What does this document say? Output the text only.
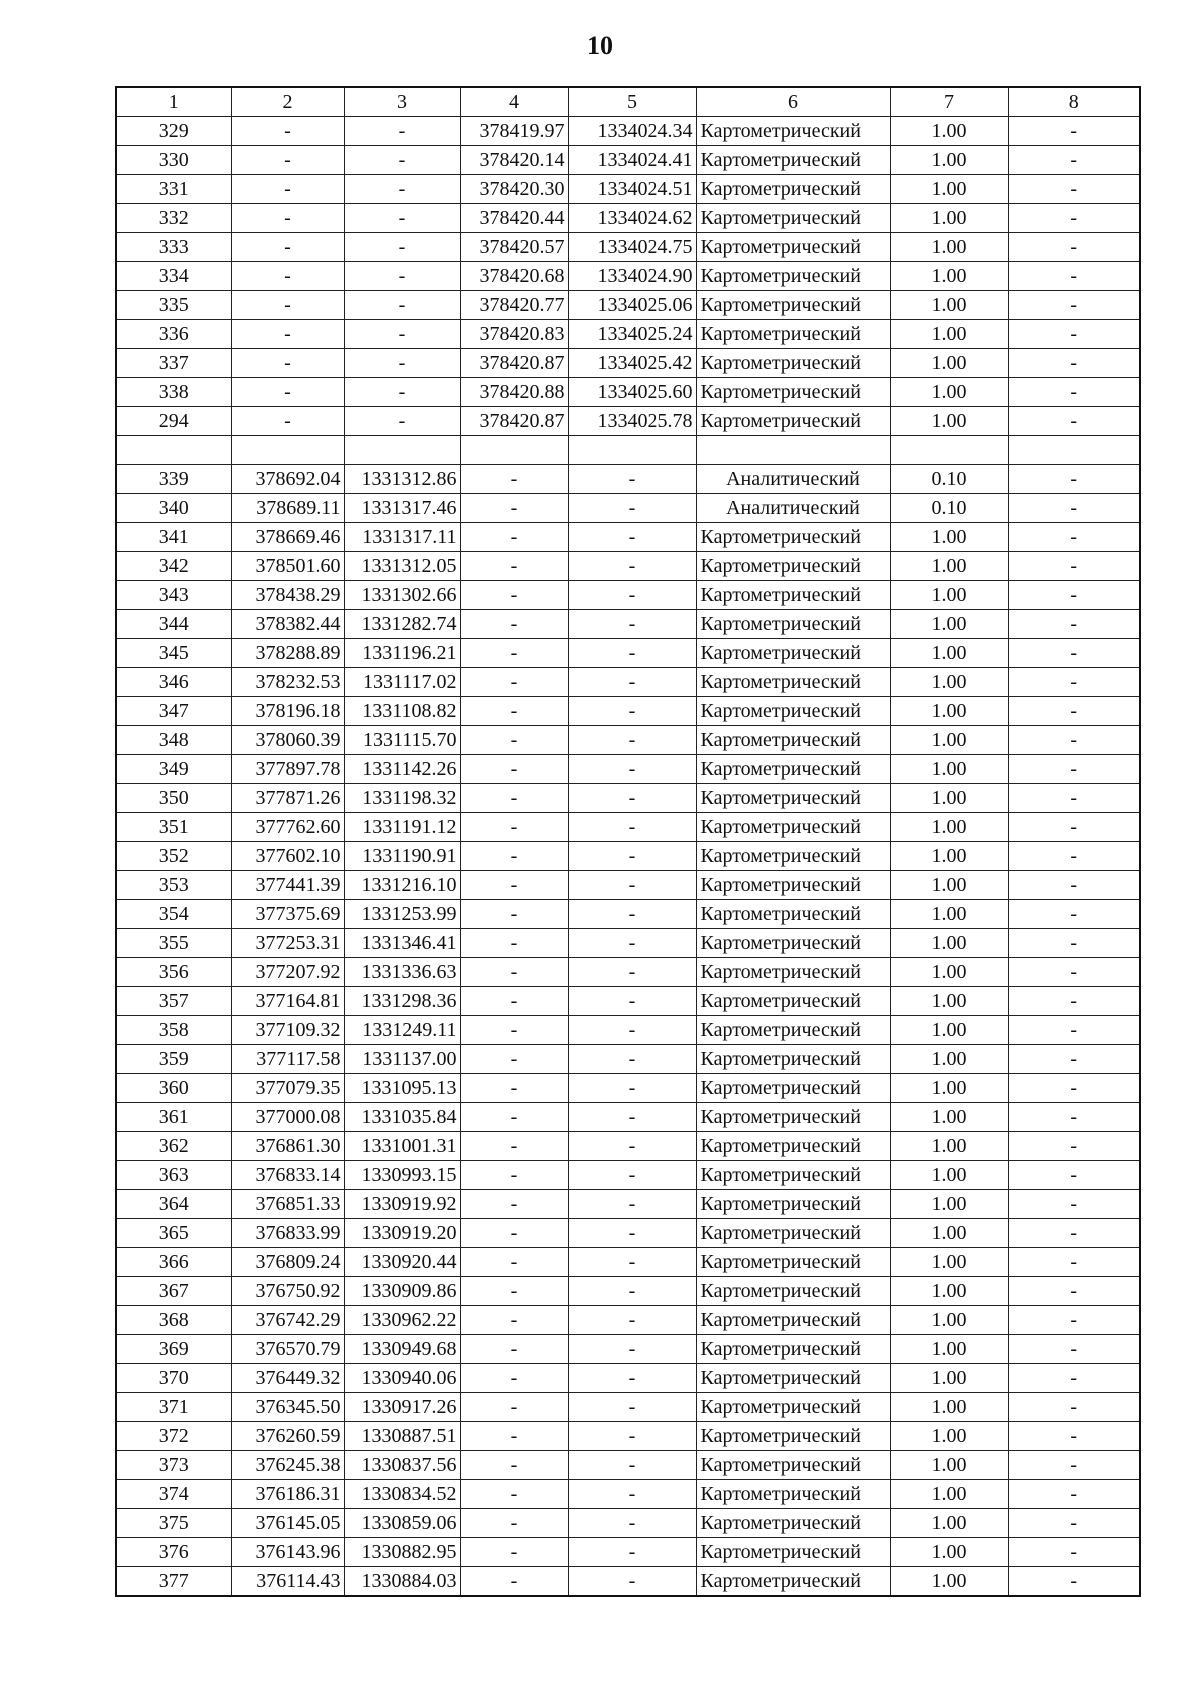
10
1	2	3	4	5	6	7	8
329	-	-	378419.97	1334024.34	Картометрический	1.00	-
330	-	-	378420.14	1334024.41	Картометрический	1.00	-
331	-	-	378420.30	1334024.51	Картометрический	1.00	-
332	-	-	378420.44	1334024.62	Картометрический	1.00	-
333	-	-	378420.57	1334024.75	Картометрический	1.00	-
334	-	-	378420.68	1334024.90	Картометрический	1.00	-
335	-	-	378420.77	1334025.06	Картометрический	1.00	-
336	-	-	378420.83	1334025.24	Картометрический	1.00	-
337	-	-	378420.87	1334025.42	Картометрический	1.00	-
338	-	-	378420.88	1334025.60	Картометрический	1.00	-
294	-	-	378420.87	1334025.78	Картометрический	1.00	-

339	378692.04	1331312.86	-	-	Аналитический	0.10	-
340	378689.11	1331317.46	-	-	Аналитический	0.10	-
341	378669.46	1331317.11	-	-	Картометрический	1.00	-
342	378501.60	1331312.05	-	-	Картометрический	1.00	-
343	378438.29	1331302.66	-	-	Картометрический	1.00	-
344	378382.44	1331282.74	-	-	Картометрический	1.00	-
345	378288.89	1331196.21	-	-	Картометрический	1.00	-
346	378232.53	1331117.02	-	-	Картометрический	1.00	-
347	378196.18	1331108.82	-	-	Картометрический	1.00	-
348	378060.39	1331115.70	-	-	Картометрический	1.00	-
349	377897.78	1331142.26	-	-	Картометрический	1.00	-
350	377871.26	1331198.32	-	-	Картометрический	1.00	-
351	377762.60	1331191.12	-	-	Картометрический	1.00	-
352	377602.10	1331190.91	-	-	Картометрический	1.00	-
353	377441.39	1331216.10	-	-	Картометрический	1.00	-
354	377375.69	1331253.99	-	-	Картометрический	1.00	-
355	377253.31	1331346.41	-	-	Картометрический	1.00	-
356	377207.92	1331336.63	-	-	Картометрический	1.00	-
357	377164.81	1331298.36	-	-	Картометрический	1.00	-
358	377109.32	1331249.11	-	-	Картометрический	1.00	-
359	377117.58	1331137.00	-	-	Картометрический	1.00	-
360	377079.35	1331095.13	-	-	Картометрический	1.00	-
361	377000.08	1331035.84	-	-	Картометрический	1.00	-
362	376861.30	1331001.31	-	-	Картометрический	1.00	-
363	376833.14	1330993.15	-	-	Картометрический	1.00	-
364	376851.33	1330919.92	-	-	Картометрический	1.00	-
365	376833.99	1330919.20	-	-	Картометрический	1.00	-
366	376809.24	1330920.44	-	-	Картометрический	1.00	-
367	376750.92	1330909.86	-	-	Картометрический	1.00	-
368	376742.29	1330962.22	-	-	Картометрический	1.00	-
369	376570.79	1330949.68	-	-	Картометрический	1.00	-
370	376449.32	1330940.06	-	-	Картометрический	1.00	-
371	376345.50	1330917.26	-	-	Картометрический	1.00	-
372	376260.59	1330887.51	-	-	Картометрический	1.00	-
373	376245.38	1330837.56	-	-	Картометрический	1.00	-
374	376186.31	1330834.52	-	-	Картометрический	1.00	-
375	376145.05	1330859.06	-	-	Картометрический	1.00	-
376	376143.96	1330882.95	-	-	Картометрический	1.00	-
377	376114.43	1330884.03	-	-	Картометрический	1.00	-
